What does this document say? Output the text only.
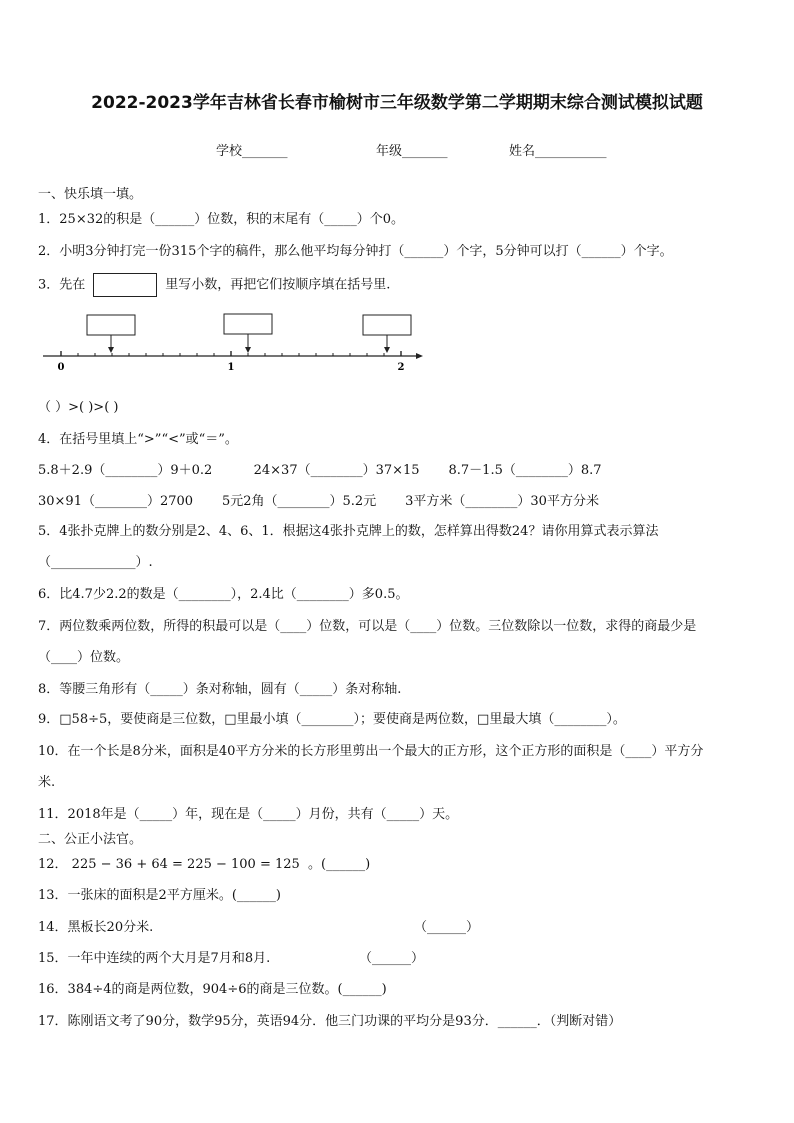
2022-2023学年吉林省长春市榆树市三年级数学第二学期期末综合测试模拟试题
学校_______	年级_______	姓名___________
一、快乐填一填。
1．25×32的积是（______）位数，积的末尾有（_____）个0。
2．小明3分钟打完一份315个字的稿件，那么他平均每分钟打（______）个字，5分钟可以打（______）个字。
3．先在	里写小数，再把它们按顺序填在括号里.
0	1	2
（ ）>( )>( )
4．在括号里填上“>”“<”或“＝”。
5.8＋2.9（________）9＋0.2          24×37（________）37×15       8.7－1.5（________）8.7
30×91（________）2700       5元2角（________）5.2元       3平方米（________）30平方分米
5．4张扑克牌上的数分别是2、4、6、1．根据这4张扑克牌上的数，怎样算出得数24？请你用算式表示算法
（_____________）.
6．比4.7少2.2的数是（________），2.4比（________）多0.5。
7．两位数乘两位数，所得的积最可以是（____）位数，可以是（____）位数。三位数除以一位数，求得的商最少是
（____）位数。
8．等腰三角形有（_____）条对称轴，圆有（_____）条对称轴.
9．□58÷5，要使商是三位数，□里最小填（________）；要使商是两位数，□里最大填（________）。
10．在一个长是8分米，面积是40平方分米的长方形里剪出一个最大的正方形，这个正方形的面积是（____）平方分
米.
11．2018年是（_____）年，现在是（_____）月份，共有（_____）天。
二、公正小法官。
12． 225 − 36 + 64 = 225 − 100 = 125  。(______)
13．一张床的面积是2平方厘米。(______)
14．黑板长20分米.	（______）
15．一年中连续的两个大月是7月和8月.	（______）
16．384÷4的商是两位数，904÷6的商是三位数。(______)
17．陈刚语文考了90分，数学95分，英语94分．他三门功课的平均分是93分．______．（判断对错）
